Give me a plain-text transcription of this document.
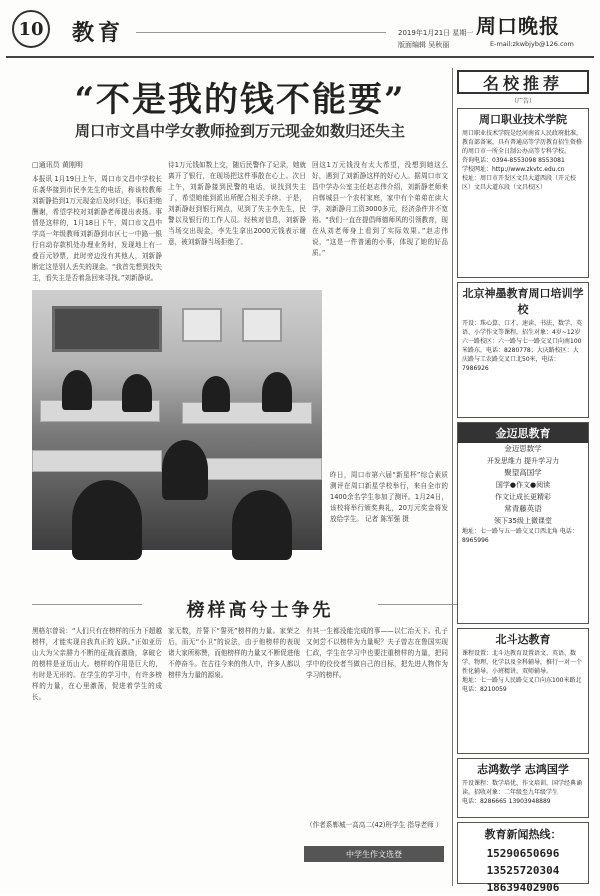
10 教育	2019年1月21日 星期一
版面编辑 吴秋丽
周口晚报
E-mail:zkwbjyb@126.com
“不是我的钱不能要”
周口市文昌中学女教师捡到万元现金如数归还失主
□通讯员 黄刚明
本报讯 1月19日上午，周口市文昌中学校长乐袭华接到市民李先生的电话，称该校教师刘新静拾到1万元现金后及时归还，事后拒绝酬谢，希望学校对刘新静老师提出表扬。事情是这样的，1月18日下午，周口市文昌中学高一年级教师刘新静到市区七一中路一银行自动存款机处办理业务时，发现地上有一叠百元钞票，此时旁边没有其他人，刘新静断定这是别人丢失的现金。“我首先想到找失主，看失主是否着急回来寻找。”刘新静说。
待1万元钱如数上交，随后民警作了记录，她就离开了银行，在现场把这件事散在心上。次日上午，刘新静接到民警的电话，说找到失主了，希望她能到派出所配合相关手续。于是，刘新静赶到银行网点，见到了失主李先生，民警以及银行的工作人员。经核对信息，刘新静当场交出现金，李先生拿出2000元钱表示谢意，被刘新静当场拒绝了。
回这1万元钱没有太大希望，没想到她这么好，遇到了刘新静这样的好心人。据周口市文昌中学办公室主任赵志伟介绍，刘新静老师来自郸城县一个农村家庭，家中有个弟弟在读大学，刘新静月工资3000多元，经济条件并不宽裕。“我们一直在提倡师德师风的引领教育，现在从刘老师身上看到了实际效果。”赵志伟说，“这是一件普通的小事，体现了她的好品质。”
昨日，周口市第六届“新星杯”综合素质测评在周口新星学校举行，来自全市的1400余名学生参加了测评。1月24日，该校将举行颁奖典礼，20万元奖金将发放给学生。 记者 陈军强 摄
榜样高兮士争先
黑格尔曾说：“人们只有在榜样的压力下超越榜样，才能实现自我真正的飞跃。”正如亚历山大为父亲腓力不断的征战而激励，拿破仑的榜样是亚历山大。榜样的作用是巨大的，有时是无形的。在学生的学习中，有许多榜样的力量，在心里激荡，促进着学生的成长。
家无数，并誓下“誓死”榜样的力量。家荣之后，而无“小卫”的说法，由于他榜样的表现诸大家所称赞，而他榜样的力量又不断促进他不停奋斗。在古往今来的伟人中，许多人都以榜样为力量的源泉。
有其一生都没能完成的事——以仁治天下。孔子又何尝不以榜样为力量呢？夫子曾志在鲁国实现仁政，学生在学习中也要注重榜样的力量，把同学中的佼佼者当做自己的目标，把先进人物作为学习的榜样。
（作者系郸城一高高二(42)班学生 指导老师 ）
中学生作文选登
名校推荐
（广告）
周口职业技术学院
周口职业技术学院是经河南省人民政府批准，教育部备案，具有普通高等学历教育招生资格的周口市一所全日制公办高等专科学校。
咨询电话：0394-8553098 8553081
学校网址：http://www.zkvtc.edu.cn
校址：周口市开发区文昌大道西段（开元校区）文昌大道东段（文昌校区）
北京神墨教育周口培训学校
开设：珠心算、口才、速读、书法、数学、英语、小学作文等课程，招生对象：4岁~12岁
六一路校区：六一路与七一路交叉口向南100米路东，电话：8280778；大庆路校区：大庆路与工农路交叉口北50米，电话：7986926
金迈思教育
金迈思数学
开发思维力 提升学习力
聚望高国学
国学●作文●阅读
作文让成长更精彩
常青藤英语
领下35级上微课堂
地址：七一路与五一路交叉口西北角 电话：8965996
北斗达教育
课程设置：北斗达教育设置语文、英语、数学、物理、化学以及全科辅导，推行一对一个性化辅导，小班精讲，双师辅导。
地址：七一路与人民路交叉口向东100米路北 电话：8210059
志鸿数学 志鸿国学
开设课程：数学培优、作文培训、国学经典诵读。招收对象：二年级至九年级学生
电话：8286665 13903948889
教育新闻热线：
15290650696
13525720304
18639402906
